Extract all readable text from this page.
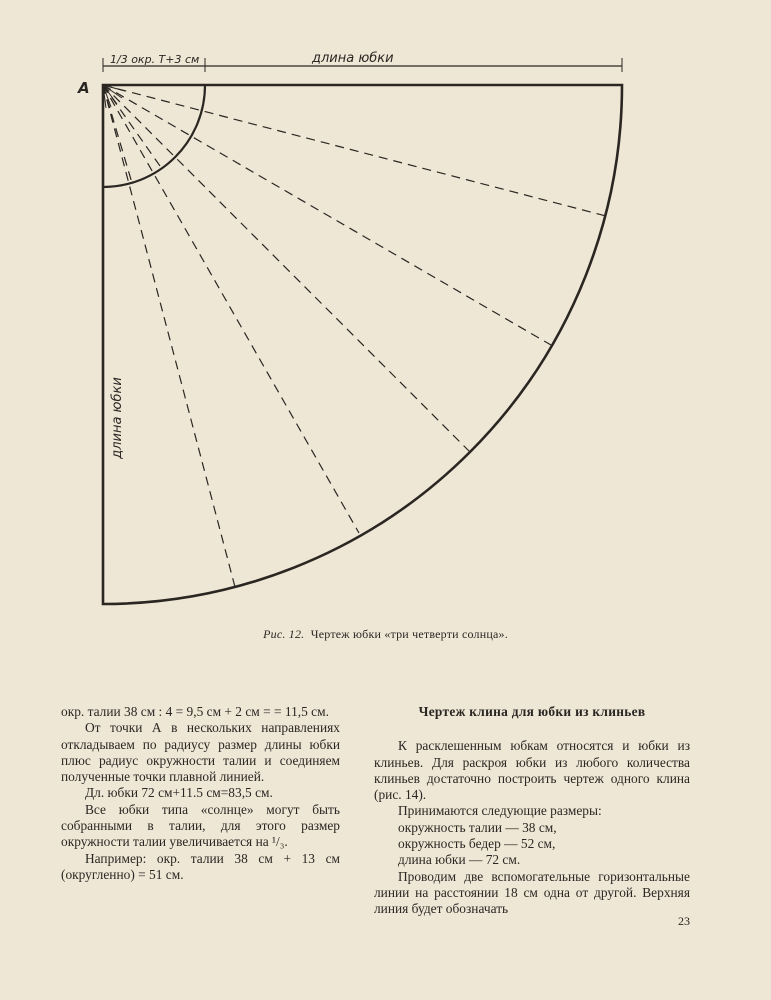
1/3 окр. Т+3 см	длина юбки
A
длина юбки
Рис. 12. Чертеж юбки «три четверти солнца».

окр. талии 38 см : 4 = 9,5 см + 2 см = = 11,5 см.

От точки А в нескольких направлениях откладываем по радиусу размер длины юбки плюс радиус окружности талии и соединяем полученные точки плавной линией.

Дл. юбки 72 см+11.5 см=83,5 см.

Все юбки типа «солнце» могут быть собранными в талии, для этого размер окружности талии увеличивается на ¹/₃.

Например: окр. талии 38 см + 13 см (округленно) = 51 см.

Чертеж клина для юбки из клиньев

К расклешенным юбкам относятся и юбки из клиньев. Для раскроя юбки из любого количества клиньев достаточно построить чертеж одного клина (рис. 14).

Принимаются следующие размеры:

окружность талии — 38 см,

окружность бедер — 52 см,

длина юбки — 72 см.

Проводим две вспомогательные горизонтальные линии на расстоянии 18 см одна от другой. Верхняя линия будет обозначать

23
